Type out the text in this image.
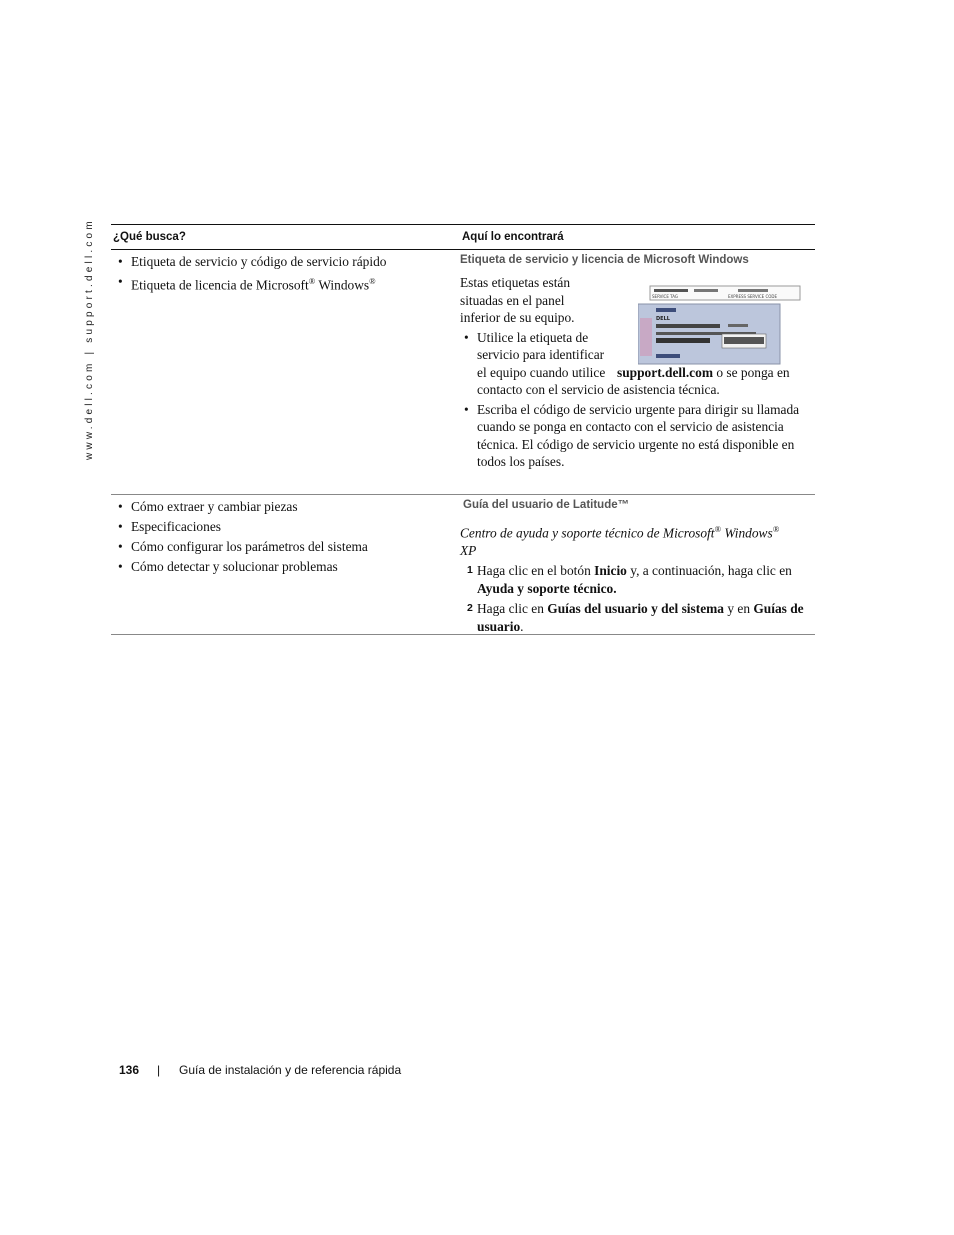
www.dell.com | support.dell.com ¿Qué busca?	Aquí lo encontrará
• Etiqueta de servicio y código de servicio rápido
• Etiqueta de licencia de Microsoft® Windows®
Etiqueta de servicio y licencia de Microsoft Windows
Estas etiquetas están situadas en el panel inferior de su equipo.
• Utilice la etiqueta de servicio para identificar el equipo cuando utilice support.dell.com o se ponga en contacto con el servicio de asistencia técnica.
• Escriba el código de servicio urgente para dirigir su llamada cuando se ponga en contacto con el servicio de asistencia técnica. El código de servicio urgente no está disponible en todos los países.
• Cómo extraer y cambiar piezas
• Especificaciones
• Cómo configurar los parámetros del sistema
• Cómo detectar y solucionar problemas
Guía del usuario de Latitude™
Centro de ayuda y soporte técnico de Microsoft® Windows®
XP
1 Haga clic en el botón Inicio y, a continuación, haga clic en Ayuda y soporte técnico.
2 Haga clic en Guías del usuario y del sistema y en Guías de usuario.
SERVICE TAG	EXPRESS SERVICE CODE
DELL
136 | Guía de instalación y de referencia rápida
